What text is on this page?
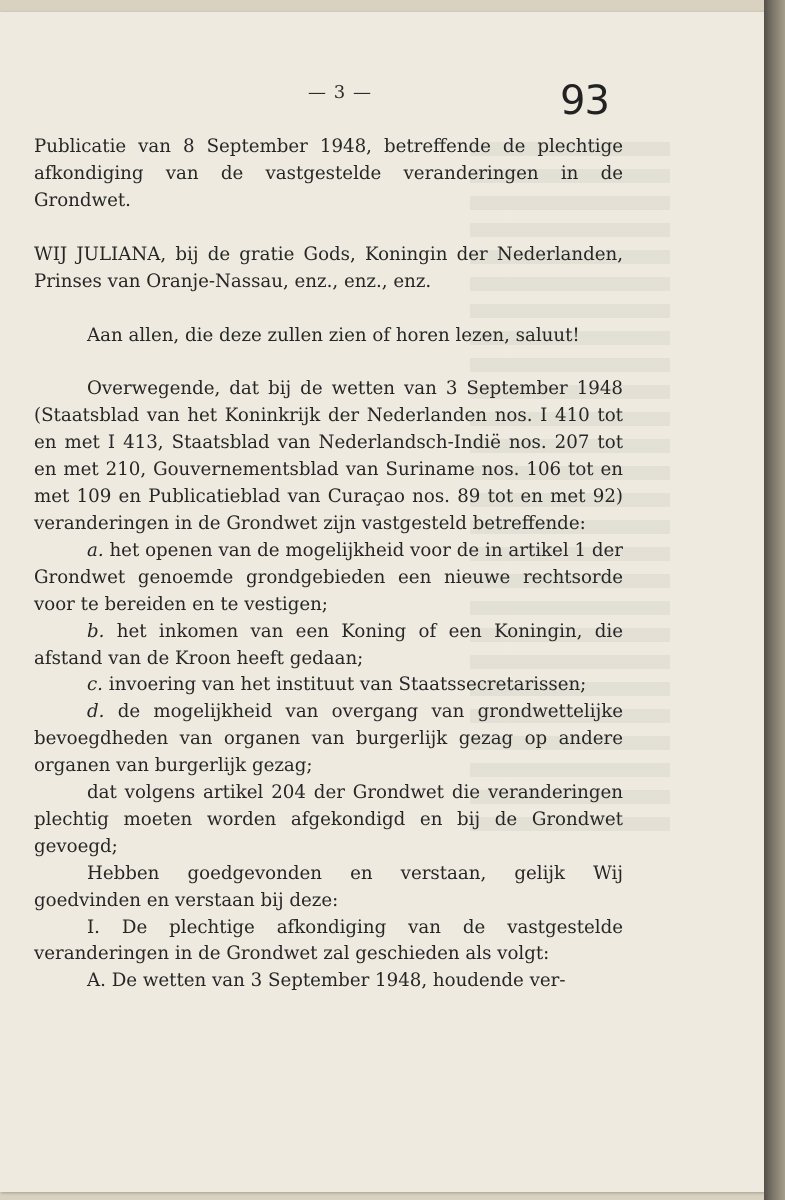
— 3 —	93

Publicatie van 8 September 1948, betreffende de plechtige afkondiging van de vastgestelde veranderingen in de Grondwet.

WIJ JULIANA, bij de gratie Gods, Koningin der Nederlanden, Prinses van Oranje-Nassau, enz., enz., enz.

Aan allen, die deze zullen zien of horen lezen, saluut!

Overwegende, dat bij de wetten van 3 September 1948 (Staatsblad van het Koninkrijk der Nederlanden nos. I 410 tot en met I 413, Staatsblad van Nederlandsch-Indië nos. 207 tot en met 210, Gouvernementsblad van Suriname nos. 106 tot en met 109 en Publicatieblad van Curaçao nos. 89 tot en met 92) veranderingen in de Grondwet zijn vastgesteld betreffende:

a. het openen van de mogelijkheid voor de in artikel 1 der Grondwet genoemde grondgebieden een nieuwe rechtsorde voor te bereiden en te vestigen;

b. het inkomen van een Koning of een Koningin, die afstand van de Kroon heeft gedaan;

c. invoering van het instituut van Staatssecretarissen;

d. de mogelijkheid van overgang van grondwettelijke bevoegdheden van organen van burgerlijk gezag op andere organen van burgerlijk gezag;

dat volgens artikel 204 der Grondwet die veranderingen plechtig moeten worden afgekondigd en bij de Grondwet gevoegd;

Hebben goedgevonden en verstaan, gelijk Wij goedvinden en verstaan bij deze:

I. De plechtige afkondiging van de vastgestelde veranderingen in de Grondwet zal geschieden als volgt:

A. De wetten van 3 September 1948, houdende ver-
